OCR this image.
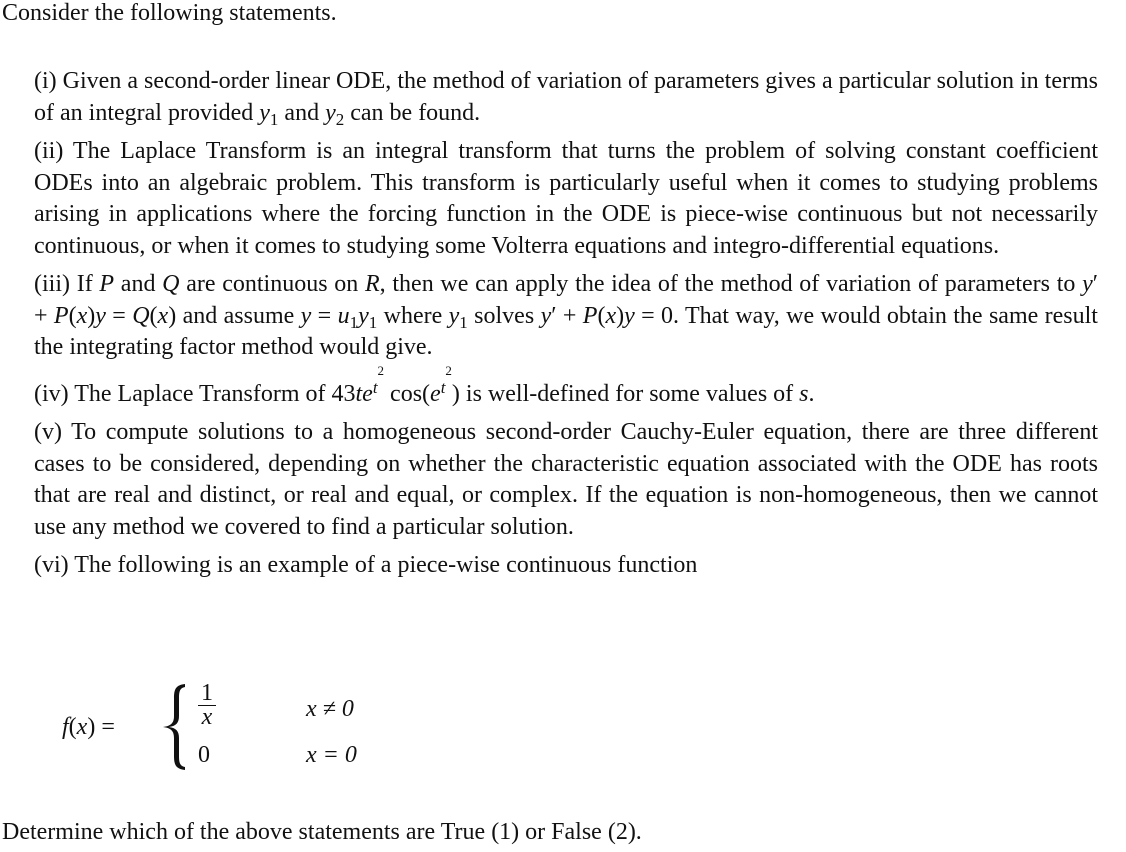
Consider the following statements.
(i) Given a second-order linear ODE, the method of variation of parameters gives a particular solution in terms of an integral provided $y_1$ and $y_2$ can be found.
(ii) The Laplace Transform is an integral transform that turns the problem of solving constant coefficient ODEs into an algebraic problem. This transform is particularly useful when it comes to studying problems arising in applications where the forcing function in the ODE is piece-wise continuous but not necessarily continuous, or when it comes to studying some Volterra equations and integro-differential equations.
(iii) If P and Q are continuous on R, then we can apply the idea of the method of variation of parameters to y′ + P(x)y = Q(x) and assume $y = u_1y_1$ where $y_1$ solves y′ + P(x)y = 0. That way, we would obtain the same result the integrating factor method would give.
(iv) The Laplace Transform of $43te^{t^2}$ $\cos(e^{t^2})$ is well-defined for some values of s.
(v) To compute solutions to a homogeneous second-order Cauchy-Euler equation, there are three different cases to be considered, depending on whether the characteristic equation associated with the ODE has roots that are real and distinct, or real and equal, or complex. If the equation is non-homogeneous, then we cannot use any method we covered to find a particular solution.
(vi) The following is an example of a piece-wise continuous function
f(x) =	$\frac{1}{x}$	x ≠ 0
0	x = 0
Determine which of the above statements are True (1) or False (2).
